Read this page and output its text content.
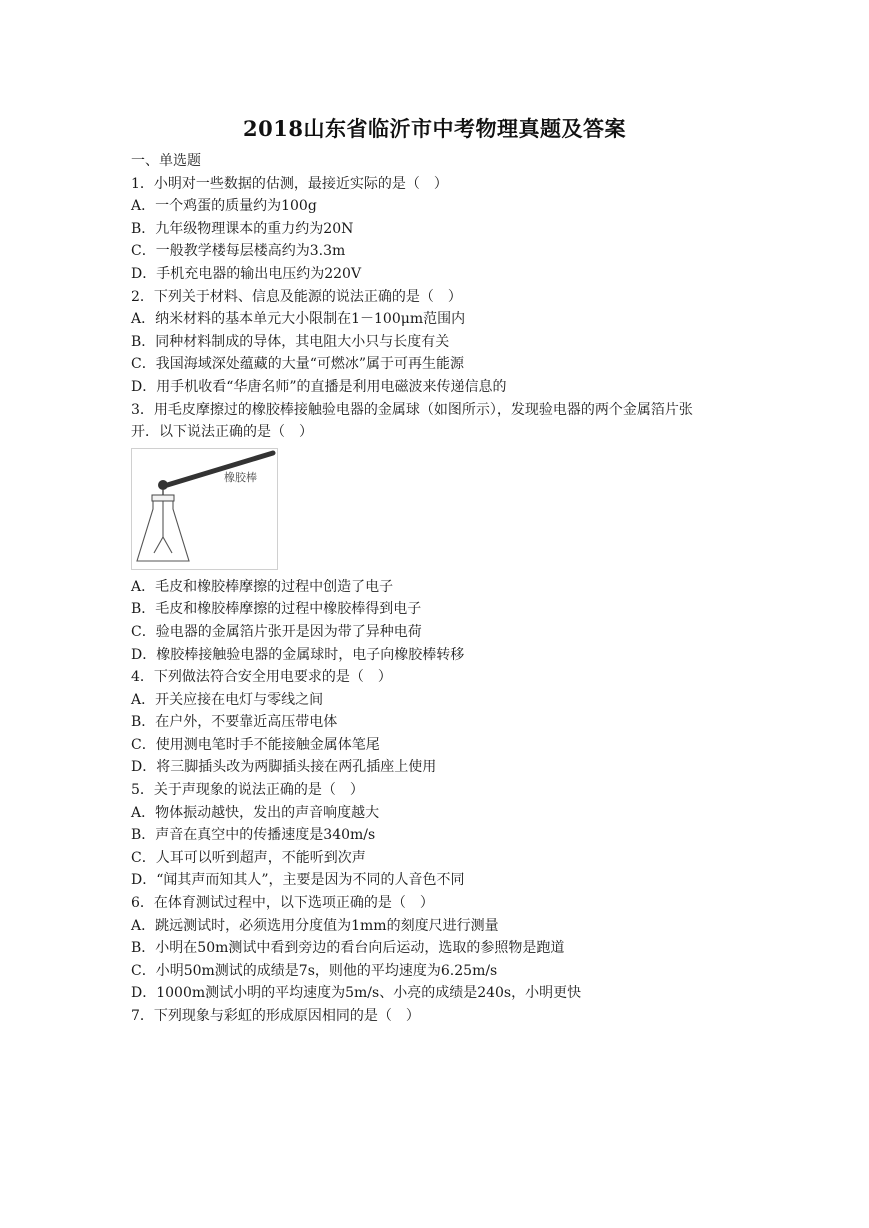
2018山东省临沂市中考物理真题及答案
一、单选题
1．小明对一些数据的估测，最接近实际的是（　）
A．一个鸡蛋的质量约为100g
B．九年级物理课本的重力约为20N
C．一般教学楼每层楼高约为3.3m
D．手机充电器的输出电压约为220V
2．下列关于材料、信息及能源的说法正确的是（　）
A．纳米材料的基本单元大小限制在1－100μm范围内
B．同种材料制成的导体，其电阻大小只与长度有关
C．我国海域深处蕴藏的大量“可燃冰”属于可再生能源
D．用手机收看“华唐名师”的直播是利用电磁波来传递信息的
3．用毛皮摩擦过的橡胶棒接触验电器的金属球（如图所示），发现验电器的两个金属箔片张
开．以下说法正确的是（　）
橡胶棒
A．毛皮和橡胶棒摩擦的过程中创造了电子
B．毛皮和橡胶棒摩擦的过程中橡胶棒得到电子
C．验电器的金属箔片张开是因为带了异种电荷
D．橡胶棒接触验电器的金属球时，电子向橡胶棒转移
4．下列做法符合安全用电要求的是（　）
A．开关应接在电灯与零线之间
B．在户外，不要靠近高压带电体
C．使用测电笔时手不能接触金属体笔尾
D．将三脚插头改为两脚插头接在两孔插座上使用
5．关于声现象的说法正确的是（　）
A．物体振动越快，发出的声音响度越大
B．声音在真空中的传播速度是340m/s
C．人耳可以听到超声，不能听到次声
D．“闻其声而知其人”，主要是因为不同的人音色不同
6．在体育测试过程中，以下选项正确的是（　）
A．跳远测试时，必须选用分度值为1mm的刻度尺进行测量
B．小明在50m测试中看到旁边的看台向后运动，选取的参照物是跑道
C．小明50m测试的成绩是7s，则他的平均速度为6.25m/s
D．1000m测试小明的平均速度为5m/s、小亮的成绩是240s，小明更快
7．下列现象与彩虹的形成原因相同的是（　）
